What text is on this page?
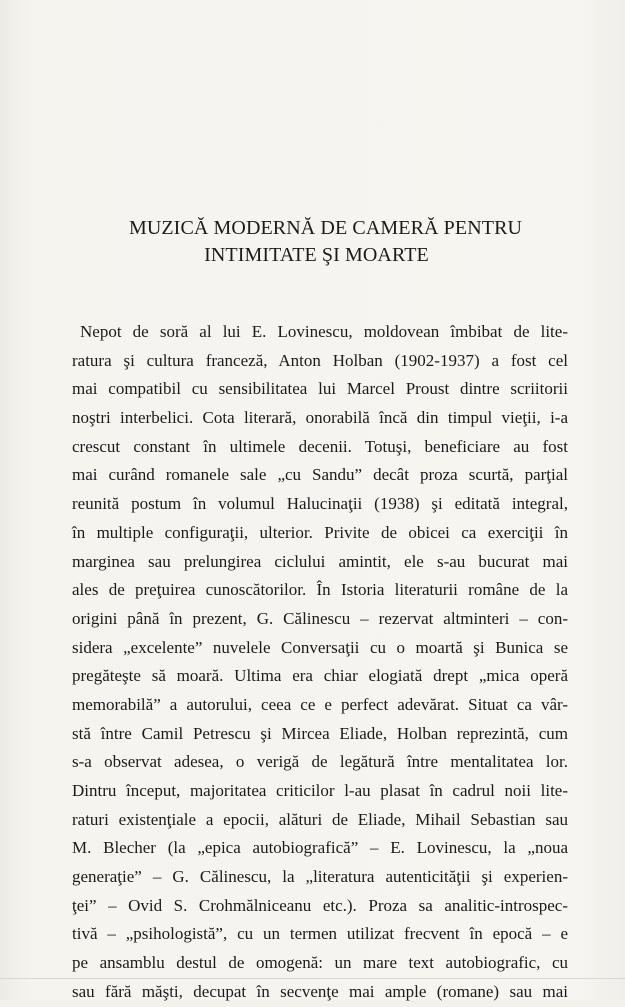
MUZICĂ MODERNĂ DE CAMERĂ PENTRU
INTIMITATE ŞI MOARTE
Nepot de soră al lui E. Lovinescu, moldovean îmbibat de lite-
ratura şi cultura franceză, Anton Holban (1902-1937) a fost cel
mai compatibil cu sensibilitatea lui Marcel Proust dintre scriitorii
noştri interbelici. Cota literară, onorabilă încă din timpul vieţii, i-a
crescut constant în ultimele decenii. Totuşi, beneficiare au fost
mai curând romanele sale „cu Sandu” decât proza scurtă, parţial
reunită postum în volumul Halucinaţii (1938) şi editată integral,
în multiple configuraţii, ulterior. Privite de obicei ca exerciţii în
marginea sau prelungirea ciclului amintit, ele s-au bucurat mai
ales de preţuirea cunoscătorilor. În Istoria literaturii române de la
origini până în prezent, G. Călinescu – rezervat altminteri – con-
sidera „excelente” nuvelele Conversaţii cu o moartă şi Bunica se
pregăteşte să moară. Ultima era chiar elogiată drept „mica operă
memorabilă” a autorului, ceea ce e perfect adevărat. Situat ca vâr-
stă între Camil Petrescu şi Mircea Eliade, Holban reprezintă, cum
s-a observat adesea, o verigă de legătură între mentalitatea lor.
Dintru început, majoritatea criticilor l-au plasat în cadrul noii lite-
raturi existenţiale a epocii, alături de Eliade, Mihail Sebastian sau
M. Blecher (la „epica autobiografică” – E. Lovinescu, la „noua
generaţie” – G. Călinescu, la „literatura autenticităţii şi experien-
ţei” – Ovid S. Crohmălniceanu etc.). Proza sa analitic-introspec-
tivă – „psihologistă”, cu un termen utilizat frecvent în epocă – e
pe ansamblu destul de omogenă: un mare text autobiografic, cu
sau fără măşti, decupat în secvenţe mai ample (romane) sau mai
